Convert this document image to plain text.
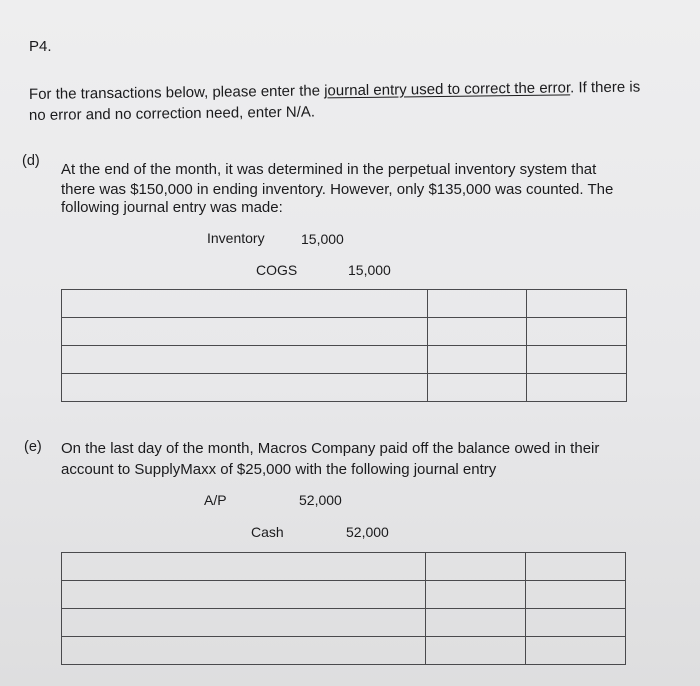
P4.
For the transactions below, please enter the journal entry used to correct the error. If there is
no error and no correction need, enter N/A.
(d) At the end of the month, it was determined in the perpetual inventory system that
there was $150,000 in ending inventory. However, only $135,000 was counted. The
following journal entry was made:
Inventory	15,000
COGS	15,000

(e) On the last day of the month, Macros Company paid off the balance owed in their
account to SupplyMaxx of $25,000 with the following journal entry
A/P	52,000
Cash	52,000
